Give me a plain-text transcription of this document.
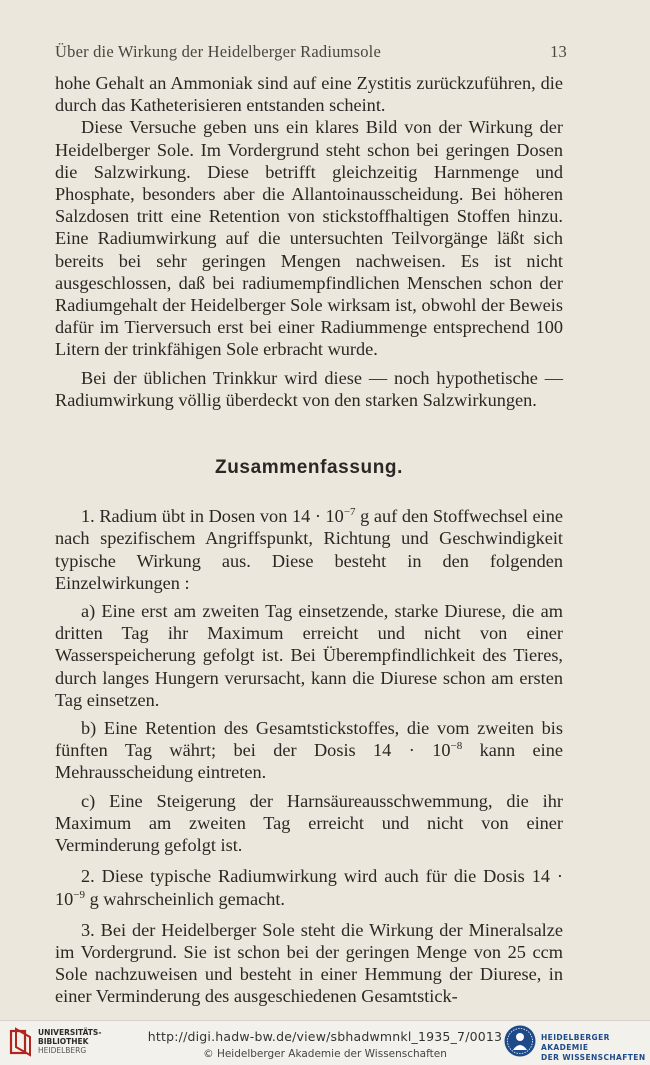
Über die Wirkung der Heidelberger Radiumsole	13

hohe Gehalt an Ammoniak sind auf eine Zystitis zurückzuführen, die durch das Katheterisieren entstanden scheint.

Diese Versuche geben uns ein klares Bild von der Wirkung der Heidelberger Sole. Im Vordergrund steht schon bei geringen Dosen die Salzwirkung. Diese betrifft gleichzeitig Harnmenge und Phosphate, besonders aber die Allantoinausscheidung. Bei höheren Salzdosen tritt eine Retention von stickstoffhaltigen Stoffen hinzu. Eine Radiumwirkung auf die untersuchten Teilvorgänge läßt sich bereits bei sehr geringen Mengen nachweisen. Es ist nicht ausgeschlossen, daß bei radiumempfindlichen Menschen schon der Radiumgehalt der Heidelberger Sole wirksam ist, obwohl der Beweis dafür im Tierversuch erst bei einer Radiummenge entsprechend 100 Litern der trinkfähigen Sole erbracht wurde.

Bei der üblichen Trinkkur wird diese — noch hypothetische — Radiumwirkung völlig überdeckt von den starken Salzwirkungen.

Zusammenfassung.

1. Radium übt in Dosen von $14 \cdot 10^{-7}$ g auf den Stoffwechsel eine nach spezifischem Angriffspunkt, Richtung und Geschwindigkeit typische Wirkung aus. Diese besteht in den folgenden Einzelwirkungen :

a) Eine erst am zweiten Tag einsetzende, starke Diurese, die am dritten Tag ihr Maximum erreicht und nicht von einer Wasserspeicherung gefolgt ist. Bei Überempfindlichkeit des Tieres, durch langes Hungern verursacht, kann die Diurese schon am ersten Tag einsetzen.

b) Eine Retention des Gesamtstickstoffes, die vom zweiten bis fünften Tag währt; bei der Dosis $14 \cdot 10^{-8}$ kann eine Mehrausscheidung eintreten.

c) Eine Steigerung der Harnsäureausschwemmung, die ihr Maximum am zweiten Tag erreicht und nicht von einer Verminderung gefolgt ist.

2. Diese typische Radiumwirkung wird auch für die Dosis $14 \cdot 10^{-9}$ g wahrscheinlich gemacht.

3. Bei der Heidelberger Sole steht die Wirkung der Mineralsalze im Vordergrund. Sie ist schon bei der geringen Menge von 25 ccm Sole nachzuweisen und besteht in einer Hemmung der Diurese, in einer Verminderung des ausgeschiedenen Gesamtstick-

UNIVERSITÄTS-
BIBLIOTHEK
HEIDELBERG
http://digi.hadw-bw.de/view/sbhadwmnkl_1935_7/0013
© Heidelberger Akademie der Wissenschaften
HEIDELBERGER AKADEMIE
DER WISSENSCHAFTEN
